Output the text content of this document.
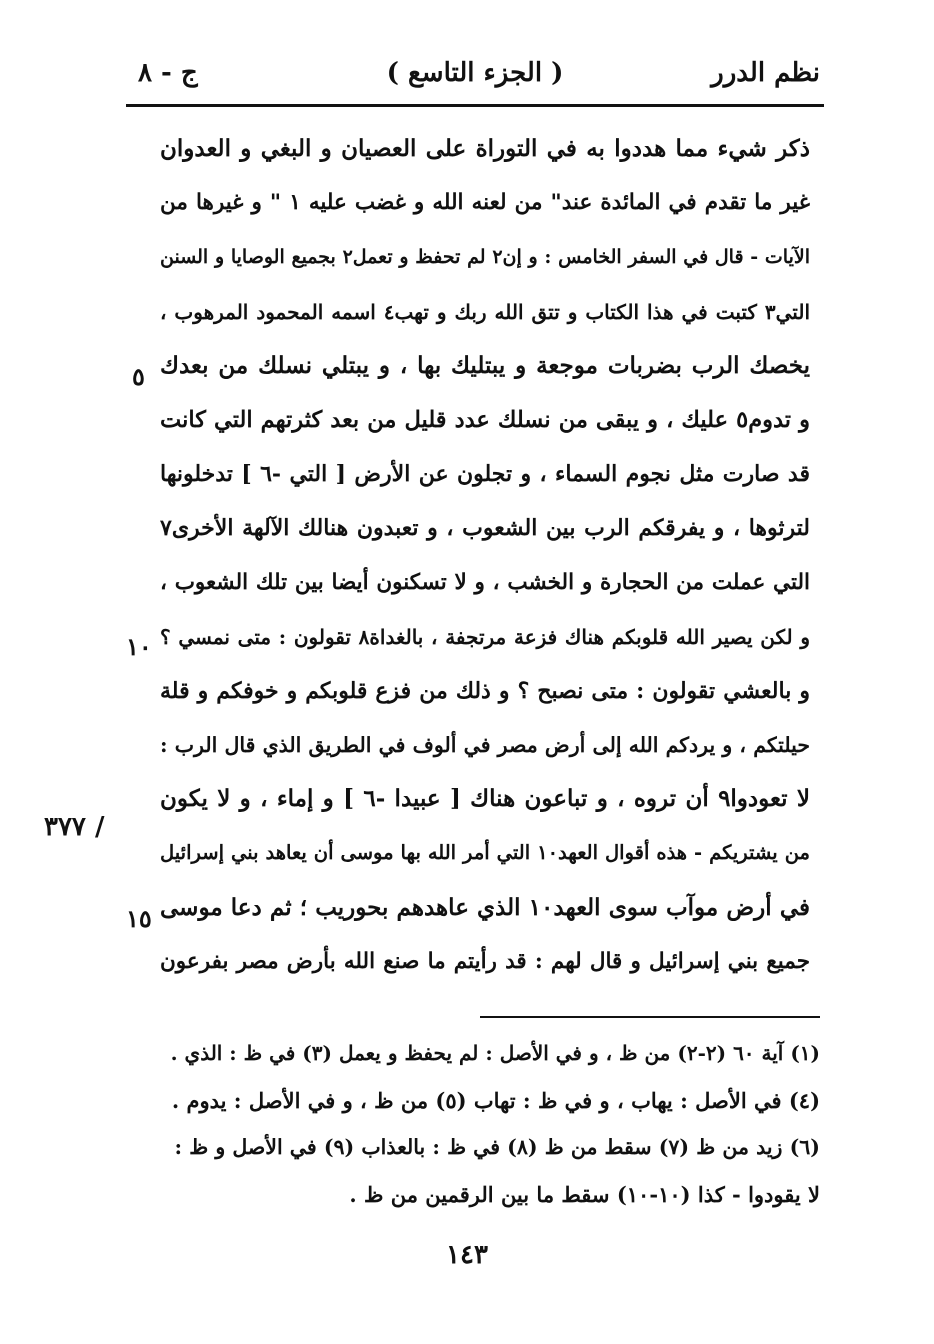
نظم الدرر
( الجزء التاسع )
ج - ٨
ذكر شيء مما هددوا به في التوراة على العصيان و البغي و العدوان
غير ما تقدم في المائدة عند" من لعنه الله و غضب عليه ١ " و غيرها من
الآيات - قال في السفر الخامس : و إن٢ لم تحفظ و تعمل٢ بجميع الوصايا و السنن
التي٣ كتبت في هذا الكتاب و تتق الله ربك و تهب٤ اسمه المحمود المرهوب ،
يخصك الرب بضربات موجعة و يبتليك بها ، و يبتلي نسلك من بعدك
و تدوم٥ عليك ، و يبقى من نسلك عدد قليل من بعد كثرتهم التي كانت
قد صارت مثل نجوم السماء ، و تجلون عن الأرض [ التي -٦ ] تدخلونها
لترثوها ، و يفرقكم الرب بين الشعوب ، و تعبدون هنالك الآلهة الأخرى٧
التي عملت من الحجارة و الخشب ، و لا تسكنون أيضا بين تلك الشعوب ،
و لكن يصير الله قلوبكم هناك فزعة مرتجفة ، بالغداة٨ تقولون : متى نمسي ؟
و بالعشي تقولون : متى نصبح ؟ و ذلك من فزع قلوبكم و خوفكم و قلة
حيلتكم ، و يردكم الله إلى أرض مصر في ألوف في الطريق الذي قال الرب :
لا تعودوا٩ أن تروه ، و تباعون هناك [ عبيدا -٦ ] و إماء ، و لا يكون
من يشتريكم - هذه أقوال العهد١٠ التي أمر الله بها موسى أن يعاهد بني إسرائيل
في أرض موآب سوى العهد١٠ الذي عاهدهم بحوريب ؛ ثم دعا موسى
جميع بني إسرائيل و قال لهم : قد رأيتم ما صنع الله بأرض مصر بفرعون
٥
١٠
١٥
/ ٣٧٧
(١) آية ٦٠ (٢-٢) من ظ ، و في الأصل : لم يحفظ و يعمل (٣) في ظ : الذي .
(٤) في الأصل : يهاب ، و في ظ : تهاب (٥) من ظ ، و في الأصل : يدوم .
(٦) زيد من ظ (٧) سقط من ظ (٨) في ظ : بالعذاب (٩) في الأصل و ظ :
لا يقودوا - كذا (١٠-١٠) سقط ما بين الرقمين من ظ .
١٤٣
